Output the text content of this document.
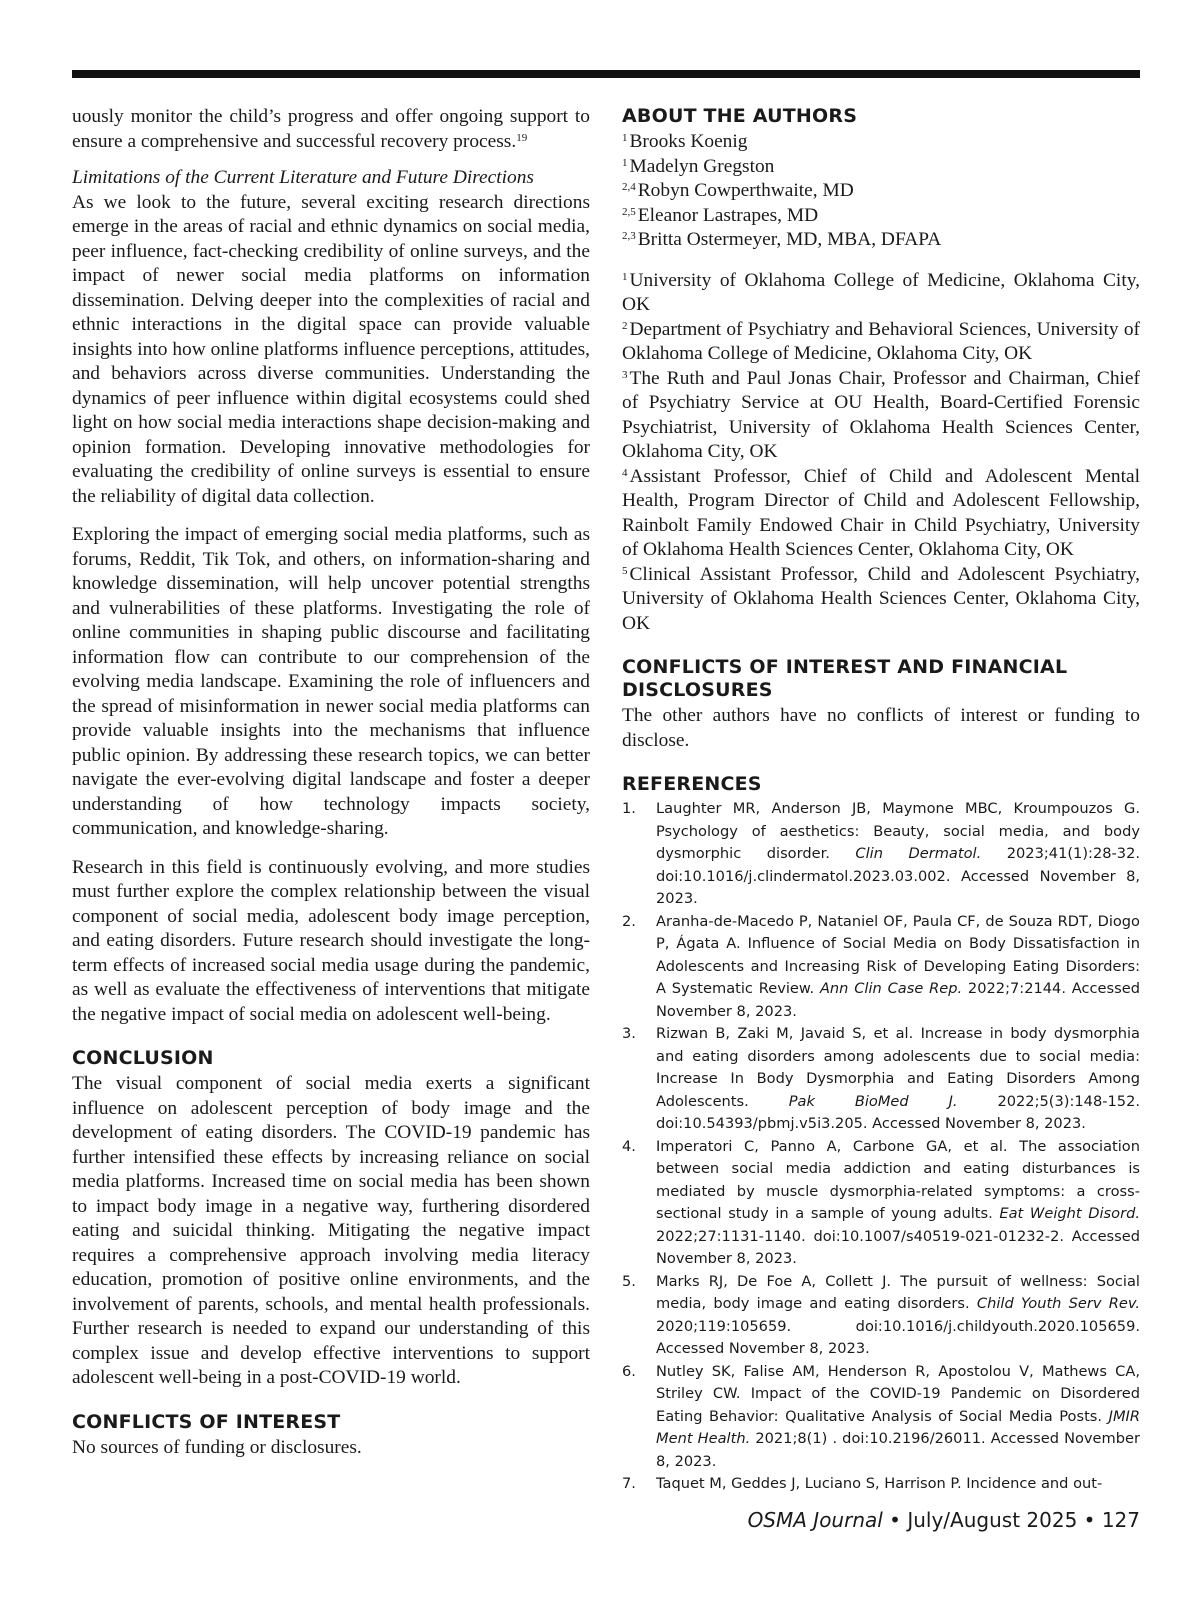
uously monitor the child’s progress and offer ongoing support to ensure a comprehensive and successful recovery process.$^{19}$

Limitations of the Current Literature and Future Directions

As we look to the future, several exciting research directions emerge in the areas of racial and ethnic dynamics on social media, peer influence, fact-checking credibility of online surveys, and the impact of newer social media platforms on information dissemination. Delving deeper into the complexities of racial and ethnic interactions in the digital space can provide valuable insights into how online platforms influence perceptions, attitudes, and behaviors across diverse communities. Understanding the dynamics of peer influence within digital ecosystems could shed light on how social media interactions shape decision-making and opinion formation. Developing innovative methodologies for evaluating the credibility of online surveys is essential to ensure the reliability of digital data collection.

Exploring the impact of emerging social media platforms, such as forums, Reddit, Tik Tok, and others, on information-sharing and knowledge dissemination, will help uncover potential strengths and vulnerabilities of these platforms. Investigating the role of online communities in shaping public discourse and facilitating information flow can contribute to our comprehension of the evolving media landscape. Examining the role of influencers and the spread of misinformation in newer social media platforms can provide valuable insights into the mechanisms that influence public opinion. By addressing these research topics, we can better navigate the ever-evolving digital landscape and foster a deeper understanding of how technology impacts society, communication, and knowledge-sharing.

Research in this field is continuously evolving, and more studies must further explore the complex relationship between the visual component of social media, adolescent body image perception, and eating disorders. Future research should investigate the long-term effects of increased social media usage during the pandemic, as well as evaluate the effectiveness of interventions that mitigate the negative impact of social media on adolescent well-being.

CONCLUSION

The visual component of social media exerts a significant influence on adolescent perception of body image and the development of eating disorders. The COVID-19 pandemic has further intensified these effects by increasing reliance on social media platforms. Increased time on social media has been shown to impact body image in a negative way, furthering disordered eating and suicidal thinking. Mitigating the negative impact requires a comprehensive approach involving media literacy education, promotion of positive online environments, and the involvement of parents, schools, and mental health professionals. Further research is needed to expand our understanding of this complex issue and develop effective interventions to support adolescent well-being in a post-COVID-19 world.

CONFLICTS OF INTEREST

No sources of funding or disclosures.

ABOUT THE AUTHORS
$^1$ Brooks Koenig
$^1$ Madelyn Gregston
$^{2,4}$ Robyn Cowperthwaite, MD
$^{2,5}$ Eleanor Lastrapes, MD
$^{2,3}$ Britta Ostermeyer, MD, MBA, DFAPA

$^1$ University of Oklahoma College of Medicine, Oklahoma City, OK

$^2$ Department of Psychiatry and Behavioral Sciences, University of Oklahoma College of Medicine, Oklahoma City, OK

$^3$ The Ruth and Paul Jonas Chair, Professor and Chairman, Chief of Psychiatry Service at OU Health, Board-Certified Forensic Psychiatrist, University of Oklahoma Health Sciences Center, Oklahoma City, OK

$^4$ Assistant Professor, Chief of Child and Adolescent Mental Health, Program Director of Child and Adolescent Fellowship, Rainbolt Family Endowed Chair in Child Psychiatry, University of Oklahoma Health Sciences Center, Oklahoma City, OK

$^5$ Clinical Assistant Professor, Child and Adolescent Psychiatry, University of Oklahoma Health Sciences Center, Oklahoma City, OK

CONFLICTS OF INTEREST AND FINANCIAL DISCLOSURES

The other authors have no conflicts of interest or funding to disclose.

REFERENCES
1.	Laughter MR, Anderson JB, Maymone MBC, Kroumpouzos G. Psychology of aesthetics: Beauty, social media, and body dysmorphic disorder. Clin Dermatol. 2023;41(1):28-32. doi:10.1016/j.clindermatol.2023.03.002. Accessed November 8, 2023.
2.	Aranha-de-Macedo P, Nataniel OF, Paula CF, de Souza RDT, Diogo P, Ágata A. Influence of Social Media on Body Dissatisfaction in Adolescents and Increasing Risk of Developing Eating Disorders: A Systematic Review. Ann Clin Case Rep. 2022;7:2144. Accessed November 8, 2023.
3.	Rizwan B, Zaki M, Javaid S, et al. Increase in body dysmorphia and eating disorders among adolescents due to social media: Increase In Body Dysmorphia and Eating Disorders Among Adolescents. Pak BioMed J. 2022;5(3):148-152. doi:10.54393/pbmj.v5i3.205. Accessed November 8, 2023.
4.	Imperatori C, Panno A, Carbone GA, et al. The association between social media addiction and eating disturbances is mediated by muscle dysmorphia-related symptoms: a cross-sectional study in a sample of young adults. Eat Weight Disord. 2022;27:1131-1140. doi:10.1007/s40519-021-01232-2. Accessed November 8, 2023.
5.	Marks RJ, De Foe A, Collett J. The pursuit of wellness: Social media, body image and eating disorders. Child Youth Serv Rev. 2020;119:105659. doi:10.1016/j.childyouth.2020.105659. Accessed November 8, 2023.
6.	Nutley SK, Falise AM, Henderson R, Apostolou V, Mathews CA, Striley CW. Impact of the COVID-19 Pandemic on Disordered Eating Behavior: Qualitative Analysis of Social Media Posts. JMIR Ment Health. 2021;8(1) . doi:10.2196/26011. Accessed November 8, 2023.
7.	Taquet M, Geddes J, Luciano S, Harrison P. Incidence and out-
OSMA Journal • July/August 2025 • 127
